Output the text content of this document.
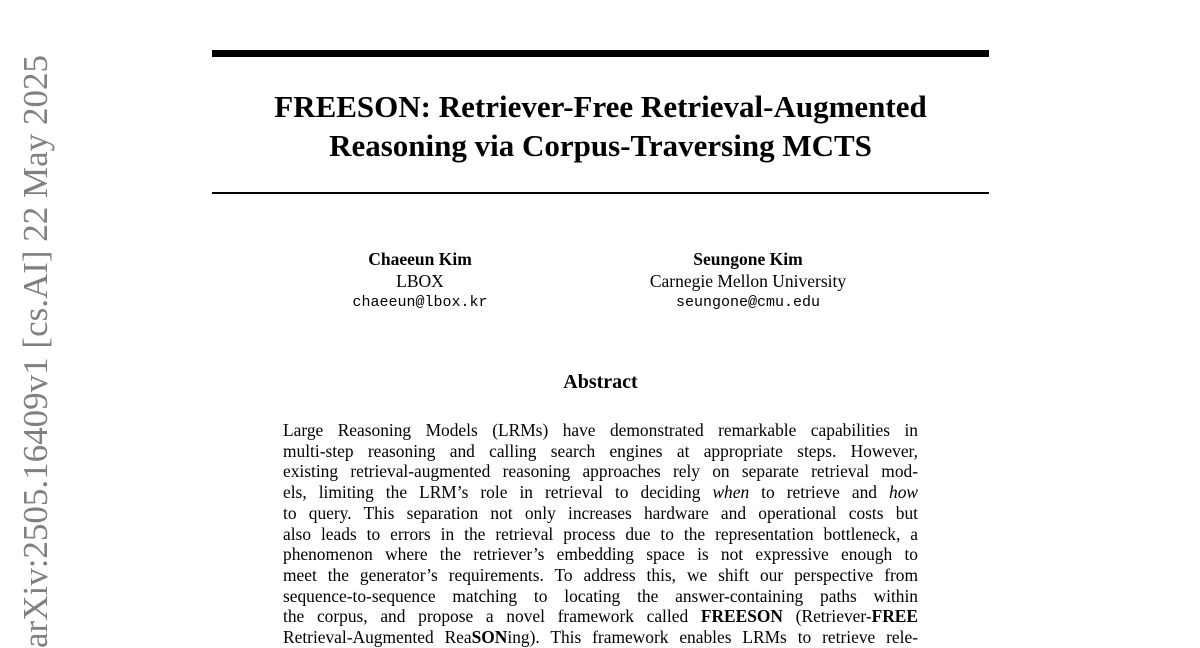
arXiv:2505.16409v1 [cs.AI] 22 May 2025	FREESON: Retriever-Free Retrieval-Augmented
Reasoning via Corpus-Traversing MCTS
Chaeeun Kim
LBOX
chaeeun@lbox.kr
Seungone Kim
Carnegie Mellon University
seungone@cmu.edu
Abstract
Large Reasoning Models (LRMs) have demonstrated remarkable capabilities in
multi-step reasoning and calling search engines at appropriate steps. However,
existing retrieval-augmented reasoning approaches rely on separate retrieval mod-
els, limiting the LRM’s role in retrieval to deciding when to retrieve and how
to query. This separation not only increases hardware and operational costs but
also leads to errors in the retrieval process due to the representation bottleneck, a
phenomenon where the retriever’s embedding space is not expressive enough to
meet the generator’s requirements. To address this, we shift our perspective from
sequence-to-sequence matching to locating the answer-containing paths within
the corpus, and propose a novel framework called FREESON (Retriever-FREE
Retrieval-Augmented ReaSONing). This framework enables LRMs to retrieve rele-
